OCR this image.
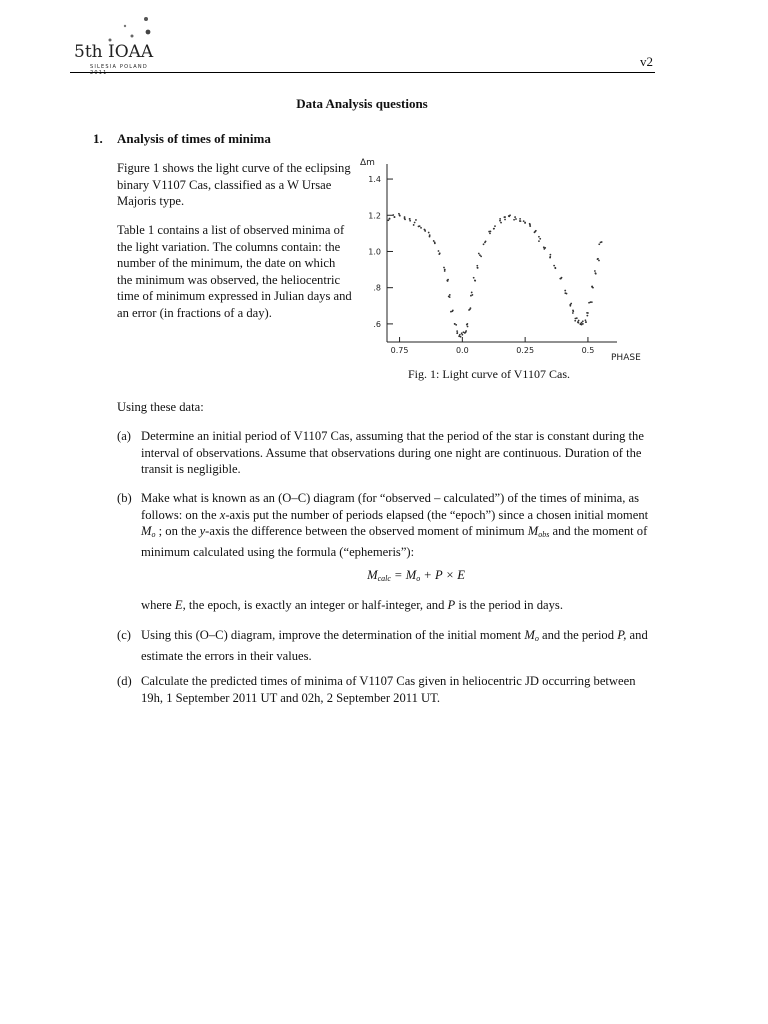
5th IOAA
SILESIA POLAND 2011
v2
Data Analysis questions
1. Analysis of times of minima
Figure 1 shows the light curve of the eclipsing binary V1107 Cas, classified as a W Ursae Majoris type.
Table 1 contains a list of observed minima of the light variation. The columns contain: the number of the minimum, the date on which the minimum was observed, the heliocentric time of minimum expressed in Julian days and an error (in fractions of a day).
Δm
PHASE
1.4
1.2
1.0
.8
.6
0.75	0.0	0.25	0.5
Fig. 1: Light curve of V1107 Cas.
Using these data:
(a) Determine an initial period of V1107 Cas, assuming that the period of the star is constant during the interval of observations. Assume that observations during one night are continuous. Duration of the transit is negligible.
(b) Make what is known as an (O–C) diagram (for “observed – calculated”) of the times of minima, as follows: on the x-axis put the number of periods elapsed (the “epoch”) since a chosen initial moment $M_o$ ; on the y-axis the difference between the observed moment of minimum $M_{obs}$ and the moment of minimum calculated using the formula (“ephemeris”):
$M_{calc} = M_o + P \times E$
where E, the epoch, is exactly an integer or half-integer, and P is the period in days.
(c) Using this (O–C) diagram, improve the determination of the initial moment $M_o$ and the period P, and estimate the errors in their values.
(d) Calculate the predicted times of minima of V1107 Cas given in heliocentric JD occurring between 19h, 1 September 2011 UT and 02h, 2 September 2011 UT.
